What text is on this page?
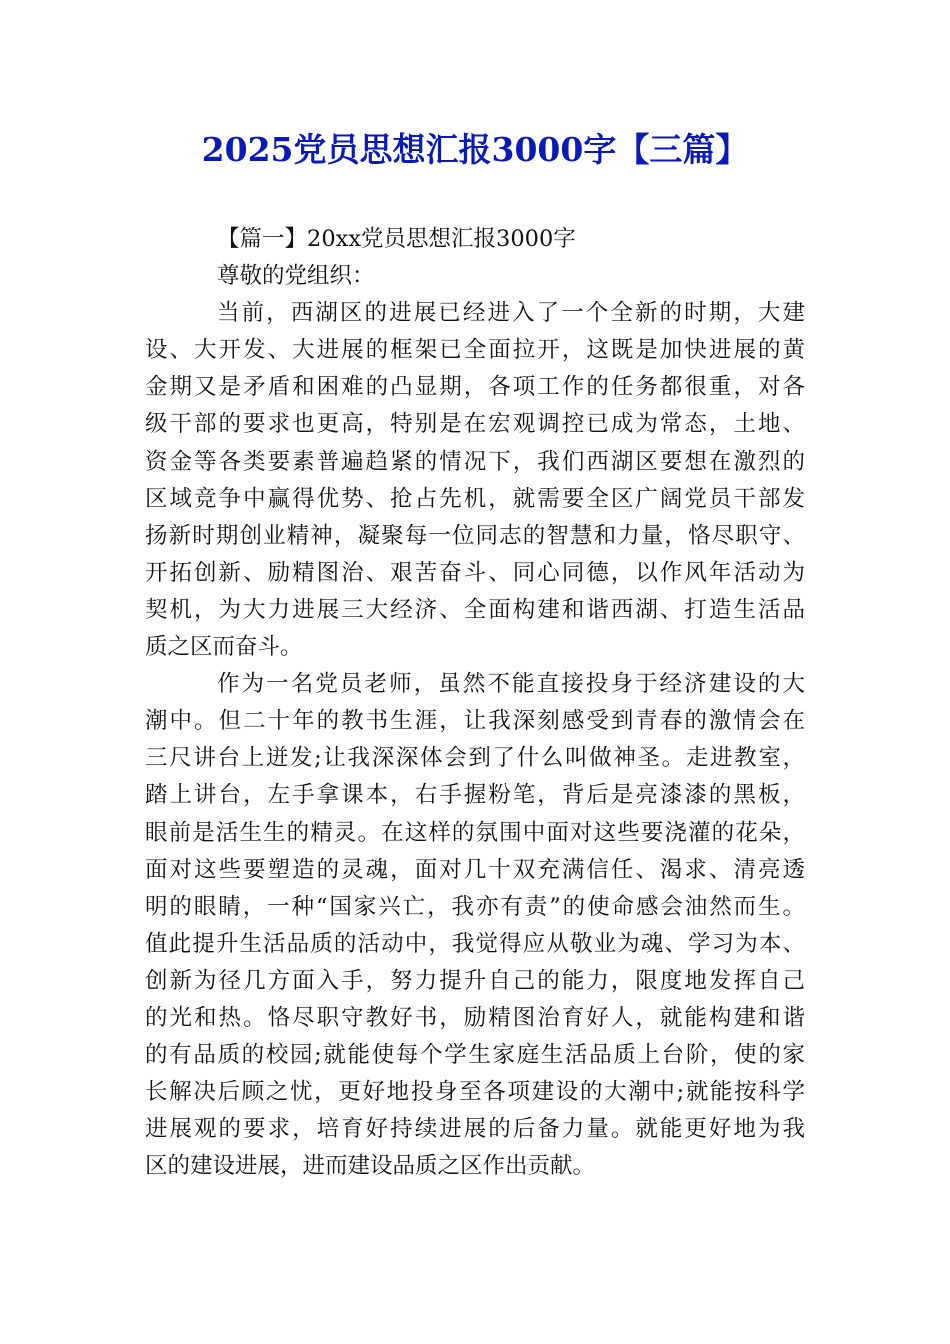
2025党员思想汇报3000字【三篇】
【篇一】20xx党员思想汇报3000字
尊敬的党组织：
当前，西湖区的进展已经进入了一个全新的时期，大建
设、大开发、大进展的框架已全面拉开，这既是加快进展的黄
金期又是矛盾和困难的凸显期，各项工作的任务都很重，对各
级干部的要求也更高，特别是在宏观调控已成为常态，土地、
资金等各类要素普遍趋紧的情况下，我们西湖区要想在激烈的
区域竞争中赢得优势、抢占先机，就需要全区广阔党员干部发
扬新时期创业精神，凝聚每一位同志的智慧和力量，恪尽职守、
开拓创新、励精图治、艰苦奋斗、同心同德，以作风年活动为
契机，为大力进展三大经济、全面构建和谐西湖、打造生活品
质之区而奋斗。
作为一名党员老师，虽然不能直接投身于经济建设的大
潮中。但二十年的教书生涯，让我深刻感受到青春的激情会在
三尺讲台上迸发;让我深深体会到了什么叫做神圣。走进教室，
踏上讲台，左手拿课本，右手握粉笔，背后是亮漆漆的黑板，
眼前是活生生的精灵。在这样的氛围中面对这些要浇灌的花朵，
面对这些要塑造的灵魂，面对几十双充满信任、渴求、清亮透
明的眼睛，一种“国家兴亡，我亦有责”的使命感会油然而生。
值此提升生活品质的活动中，我觉得应从敬业为魂、学习为本、
创新为径几方面入手，努力提升自己的能力，限度地发挥自己
的光和热。恪尽职守教好书，励精图治育好人，就能构建和谐
的有品质的校园;就能使每个学生家庭生活品质上台阶，使的家
长解决后顾之忧，更好地投身至各项建设的大潮中;就能按科学
进展观的要求，培育好持续进展的后备力量。就能更好地为我
区的建设进展，进而建设品质之区作出贡献。
